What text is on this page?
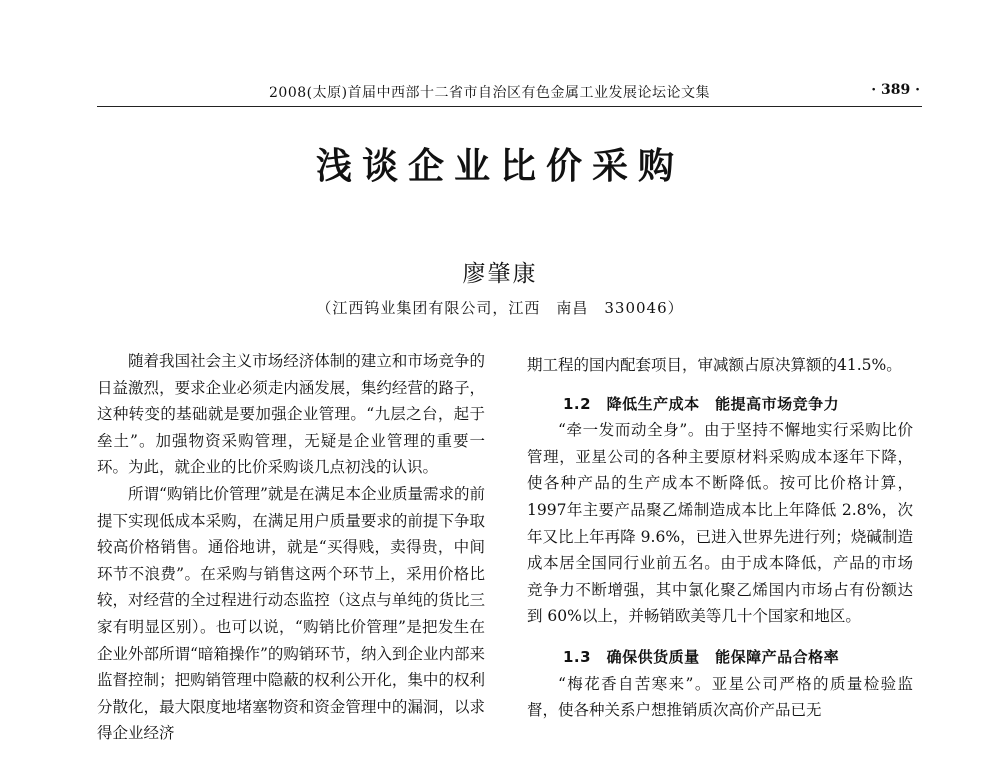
2008(太原)首届中西部十二省市自治区有色金属工业发展论坛论文集	· 389 ·
浅谈企业比价采购
廖肇康
（江西钨业集团有限公司，江西　南昌　330046）

随着我国社会主义市场经济体制的建立和市场竞争的日益激烈，要求企业必须走内涵发展，集约经营的路子，这种转变的基础就是要加强企业管理。“九层之台，起于垒土”。加强物资采购管理，无疑是企业管理的重要一环。为此，就企业的比价采购谈几点初浅的认识。

所谓“购销比价管理”就是在满足本企业质量需求的前提下实现低成本采购，在满足用户质量要求的前提下争取较高价格销售。通俗地讲，就是“买得贱，卖得贵，中间环节不浪费”。在采购与销售这两个环节上，采用价格比较，对经营的全过程进行动态监控（这点与单纯的货比三家有明显区别）。也可以说，“购销比价管理”是把发生在企业外部所谓“暗箱操作”的购销环节，纳入到企业内部来监督控制；把购销管理中隐蔽的权利公开化，集中的权利分散化，最大限度地堵塞物资和资金管理中的漏洞，以求得企业经济

期工程的国内配套项目，审减额占原决算额的41.5%。

1.2　降低生产成本　能提高市场竞争力

“牵一发而动全身”。由于坚持不懈地实行采购比价管理，亚星公司的各种主要原材料采购成本逐年下降，使各种产品的生产成本不断降低。按可比价格计算，1997年主要产品聚乙烯制造成本比上年降低 2.8%，次年又比上年再降 9.6%，已进入世界先进行列；烧碱制造成本居全国同行业前五名。由于成本降低，产品的市场竞争力不断增强，其中氯化聚乙烯国内市场占有份额达到 60%以上，并畅销欧美等几十个国家和地区。

1.3　确保供货质量　能保障产品合格率

“梅花香自苦寒来”。亚星公司严格的质量检验监督，使各种关系户想推销质次高价产品已无
